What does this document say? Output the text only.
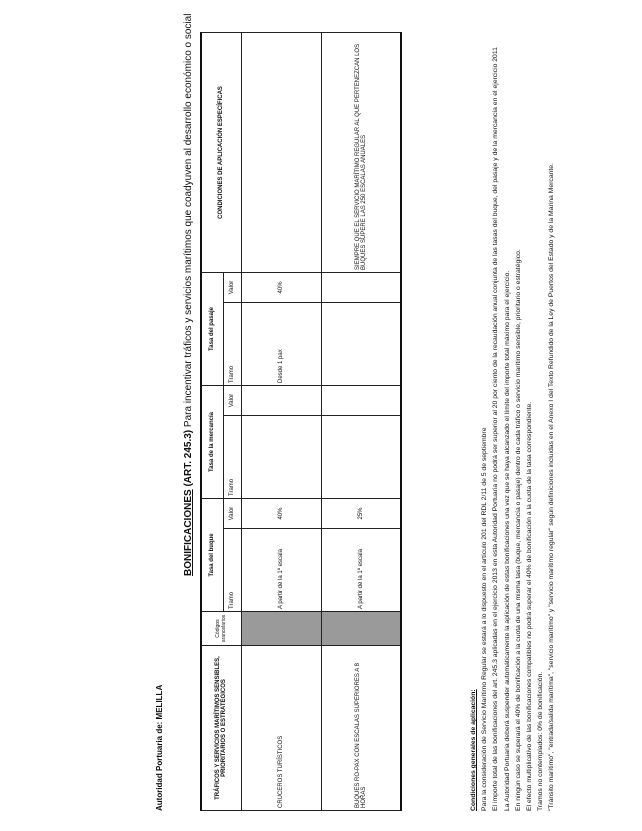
Autoridad Portuaria de: MELILLA
BONIFICACIONES (ART. 245.3) Para incentivar tráficos y servicios marítimos que coadyuven al desarrollo económico o social
TRÁFICOS Y SERVICIOS MARÍTIMOS SENSIBLES, PRIORITARIOS O ESTRATÉGICOS	Códigos arancelarios	Tasa del buque		Tasa de la mercancía		Tasa del pasaje		CONDICIONES DE APLICACIÓN ESPECÍFICAS
		Tramo	Valor	Tramo	Valor	Tramo	Valor	
CRUCEROS TURÍSTICOS		A partir de la 1ª escala	40%			Desde 1 pax	40%	
BUQUES RO-PAX CON ESCALAS SUPERIORES A 8 HORAS		A partir de la 1ª escala	25%					SIEMPRE QUE EL SERVICIO MARÍTIMO REGULAR AL QUE PERTENEZCAN LOS BUQUES SUPERE LAS 250 ESCALAS ANUALES

Condiciones generales de aplicación: Para la consideración de Servicio Marítimo Regular se estará a lo dispuesto en el artículo 201 del RDL 2/11 de 5 de septiembre El importe total de las bonificaciones del art. 245.3 aplicadas en el ejercicio 2013 en esta Autoridad Portuaria no podrá ser superior al 20 por ciento de la recaudación anual conjunta de las tasas del buque, del pasaje y de la mercancía en el ejercicio 2011 La Autoridad Portuaria deberá suspender automáticamente la aplicación de estas bonificaciones una vez que se haya alcanzado el límite del importe total máximo para el ejercicio. En ningún caso se superará el 40% de bonificación a la cuota de una misma tasa (buque, mercancía o pasaje) dentro de cada tráfico o servicio marítimo sensible, prioritario o estratégico. El efecto multiplicativo de las bonificaciones compatibles no podrá superar el 40% de bonificación a la cuota de la tasa correspondiente. Tramos no contemplados: 0% de bonificación. "Tránsito marítimo", "entrada/salida marítima", "servicio marítimo" y "servicio marítimo regular" según definiciones incluidas en el Anexo I del Texto Refundido de la Ley de Puertos del Estado y de la Marina Mercante.
